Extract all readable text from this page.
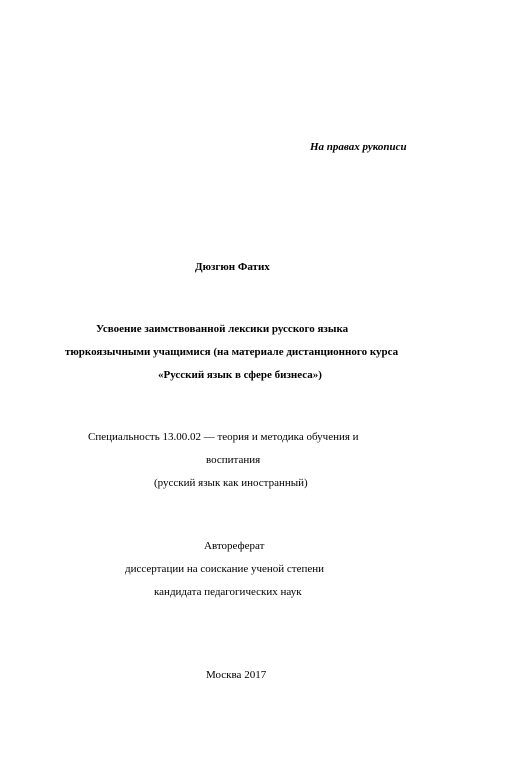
На правах рукописи
Дюзгюн Фатих
Усвоение заимствованной лексики русского языка
тюркоязычными учащимися (на материале дистанционного курса
«Русский язык в сфере бизнеса»)
Специальность 13.00.02 — теория и методика обучения и
воспитания
(русский язык как иностранный)
Автореферат
диссертации на соискание ученой степени
кандидата педагогических наук
Москва 2017
